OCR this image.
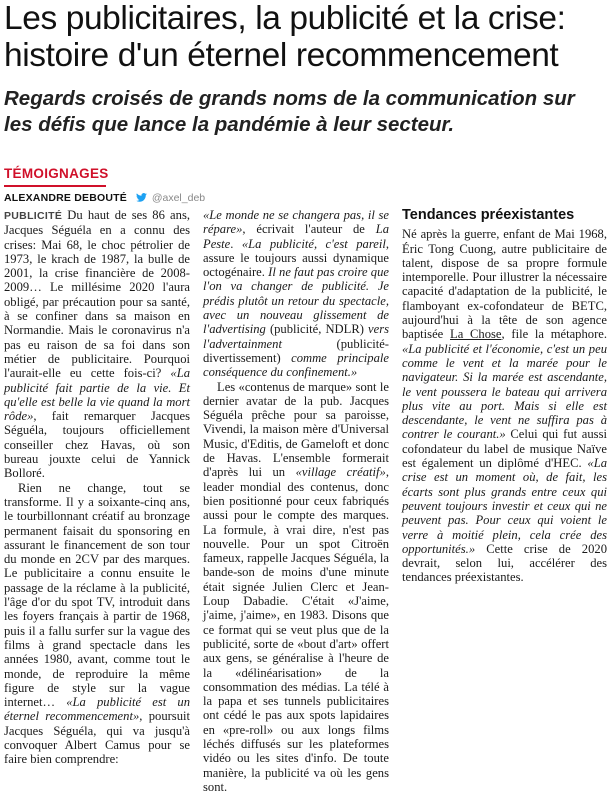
Les publicitaires, la publicité et la crise: histoire d'un éternel recommencement
Regards croisés de grands noms de la communication sur les défis que lance la pandémie à leur secteur.
TÉMOIGNAGES
ALEXANDRE DEBOUTÉ @axel_deb

PUBLICITÉ Du haut de ses 86 ans, Jacques Séguéla en a connu des crises: Mai 68, le choc pétrolier de 1973, le krach de 1987, la bulle de 2001, la crise financière de 2008-2009… Le millésime 2020 l'aura obligé, par précaution pour sa santé, à se confiner dans sa maison en Normandie. Mais le coronavirus n'a pas eu raison de sa foi dans son métier de publicitaire. Pourquoi l'aurait-elle eu cette fois-ci? «La publicité fait partie de la vie. Et qu'elle est belle la vie quand la mort rôde», fait remarquer Jacques Séguéla, toujours officiellement conseiller chez Havas, où son bureau jouxte celui de Yannick Bolloré.

Rien ne change, tout se transforme. Il y a soixante-cinq ans, le tourbillonnant créatif au bronzage permanent faisait du sponsoring en assurant le financement de son tour du monde en 2CV par des marques. Le publicitaire a connu ensuite le passage de la réclame à la publicité, l'âge d'or du spot TV, introduit dans les foyers français à partir de 1968, puis il a fallu surfer sur la vague des films à grand spectacle dans les années 1980, avant, comme tout le monde, de reproduire la même figure de style sur la vague internet… «La publicité est un éternel recommencement», poursuit Jacques Séguéla, qui va jusqu'à convoquer Albert Camus pour se faire bien comprendre:

«Le monde ne se changera pas, il se répare», écrivait l'auteur de La Peste. «La publicité, c'est pareil, assure le toujours aussi dynamique octogénaire. Il ne faut pas croire que l'on va changer de publicité. Je prédis plutôt un retour du spectacle, avec un nouveau glissement de l'advertising (publicité, NDLR) vers l'advertainment (publicité-divertissement) comme principale conséquence du confinement.»

Les «contenus de marque» sont le dernier avatar de la pub. Jacques Séguéla prêche pour sa paroisse, Vivendi, la maison mère d'Universal Music, d'Editis, de Gameloft et donc de Havas. L'ensemble formerait d'après lui un «village créatif», leader mondial des contenus, donc bien positionné pour ceux fabriqués aussi pour le compte des marques. La formule, à vrai dire, n'est pas nouvelle. Pour un spot Citroën fameux, rappelle Jacques Séguéla, la bande-son de moins d'une minute était signée Julien Clerc et Jean-Loup Dabadie. C'était «J'aime, j'aime, j'aime», en 1983. Disons que ce format qui se veut plus que de la publicité, sorte de «bout d'art» offert aux gens, se généralise à l'heure de la «délinéarisation» de la consommation des médias. La télé à la papa et ses tunnels publicitaires ont cédé le pas aux spots lapidaires en «pre-roll» ou aux longs films léchés diffusés sur les plateformes vidéo ou les sites d'info. De toute manière, la publicité va où les gens sont.

Tendances préexistantes

Né après la guerre, enfant de Mai 1968, Éric Tong Cuong, autre publicitaire de talent, dispose de sa propre formule intemporelle. Pour illustrer la nécessaire capacité d'adaptation de la publicité, le flamboyant ex-cofondateur de BETC, aujourd'hui à la tête de son agence baptisée La Chose, file la métaphore. «La publicité et l'économie, c'est un peu comme le vent et la marée pour le navigateur. Si la marée est ascendante, le vent poussera le bateau qui arrivera plus vite au port. Mais si elle est descendante, le vent ne suffira pas à contrer le courant.» Celui qui fut aussi cofondateur du label de musique Naïve est également un diplômé d'HEC. «La crise est un moment où, de fait, les écarts sont plus grands entre ceux qui peuvent toujours investir et ceux qui ne peuvent pas. Pour ceux qui voient le verre à moitié plein, cela crée des opportunités.» Cette crise de 2020 devrait, selon lui, accélérer des tendances préexistantes.
